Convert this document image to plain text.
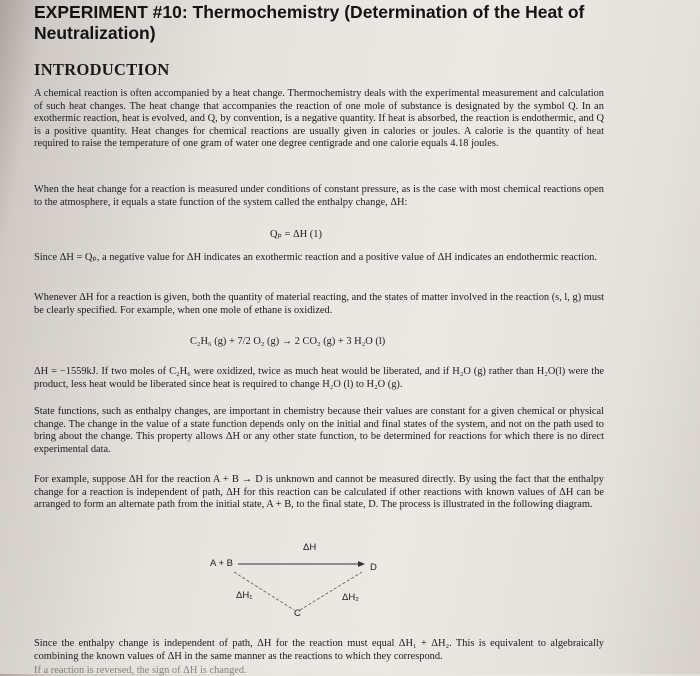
EXPERIMENT #10: Thermochemistry (Determination of the Heat of Neutralization)
INTRODUCTION
A chemical reaction is often accompanied by a heat change. Thermochemistry deals with the experimental measurement and calculation of such heat changes. The heat change that accompanies the reaction of one mole of substance is designated by the symbol Q. In an exothermic reaction, heat is evolved, and Q, by convention, is a negative quantity. If heat is absorbed, the reaction is endothermic, and Q is a positive quantity. Heat changes for chemical reactions are usually given in calories or joules. A calorie is the quantity of heat required to raise the temperature of one gram of water one degree centigrade and one calorie equals 4.18 joules.
When the heat change for a reaction is measured under conditions of constant pressure, as is the case with most chemical reactions open to the atmosphere, it equals a state function of the system called the enthalpy change, ΔH:
Qₚ = ΔH (1)
Since ΔH = Qₚ, a negative value for ΔH indicates an exothermic reaction and a positive value of ΔH indicates an endothermic reaction.
Whenever ΔH for a reaction is given, both the quantity of material reacting, and the states of matter involved in the reaction (s, l, g) must be clearly specified. For example, when one mole of ethane is oxidized.
C₂H₆ (g) + 7/2 O₂ (g) → 2 CO₂ (g) + 3 H₂O (l)
ΔH = −1559kJ. If two moles of C₂H₆ were oxidized, twice as much heat would be liberated, and if H₂O (g) rather than H₂O(l) were the product, less heat would be liberated since heat is required to change H₂O (l) to H₂O (g).
State functions, such as enthalpy changes, are important in chemistry because their values are constant for a given chemical or physical change. The change in the value of a state function depends only on the initial and final states of the system, and not on the path used to bring about the change. This property allows ΔH or any other state function, to be determined for reactions for which there is no direct experimental data.
For example, suppose ΔH for the reaction A + B → D is unknown and cannot be measured directly. By using the fact that the enthalpy change for a reaction is independent of path, ΔH for this reaction can be calculated if other reactions with known values of ΔH can be arranged to form an alternate path from the initial state, A + B, to the final state, D. The process is illustrated in the following diagram.
ΔH
A + B	D
C
ΔH₁	ΔH₂
Since the enthalpy change is independent of path, ΔH for the reaction must equal ΔH₁ + ΔH₂. This is equivalent to algebraically combining the known values of ΔH in the same manner as the reactions to which they correspond.
If a reaction is reversed, the sign of ΔH is changed.
